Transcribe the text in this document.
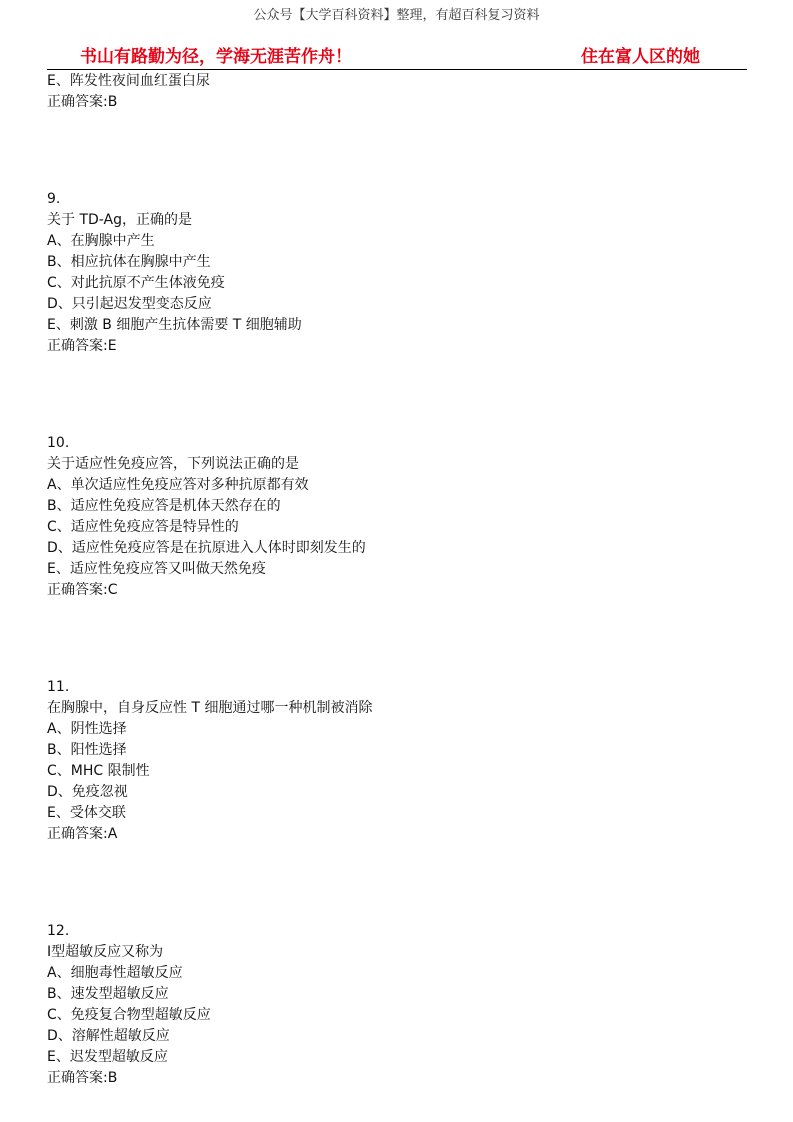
公众号【大学百科资料】整理，有超百科复习资料
书山有路勤为径，学海无涯苦作舟！	住在富人区的她
E、阵发性夜间血红蛋白尿
正确答案:B
9.
关于 TD-Ag，正确的是
A、在胸腺中产生
B、相应抗体在胸腺中产生
C、对此抗原不产生体液免疫
D、只引起迟发型变态反应
E、刺激 B 细胞产生抗体需要 T 细胞辅助
正确答案:E
10.
关于适应性免疫应答，下列说法正确的是
A、单次适应性免疫应答对多种抗原都有效
B、适应性免疫应答是机体天然存在的
C、适应性免疫应答是特异性的
D、适应性免疫应答是在抗原进入人体时即刻发生的
E、适应性免疫应答又叫做天然免疫
正确答案:C
11.
在胸腺中，自身反应性 T 细胞通过哪一种机制被消除
A、阴性选择
B、阳性选择
C、MHC 限制性
D、免疫忽视
E、受体交联
正确答案:A
12.
Ⅰ型超敏反应又称为
A、细胞毒性超敏反应
B、速发型超敏反应
C、免疫复合物型超敏反应
D、溶解性超敏反应
E、迟发型超敏反应
正确答案:B
